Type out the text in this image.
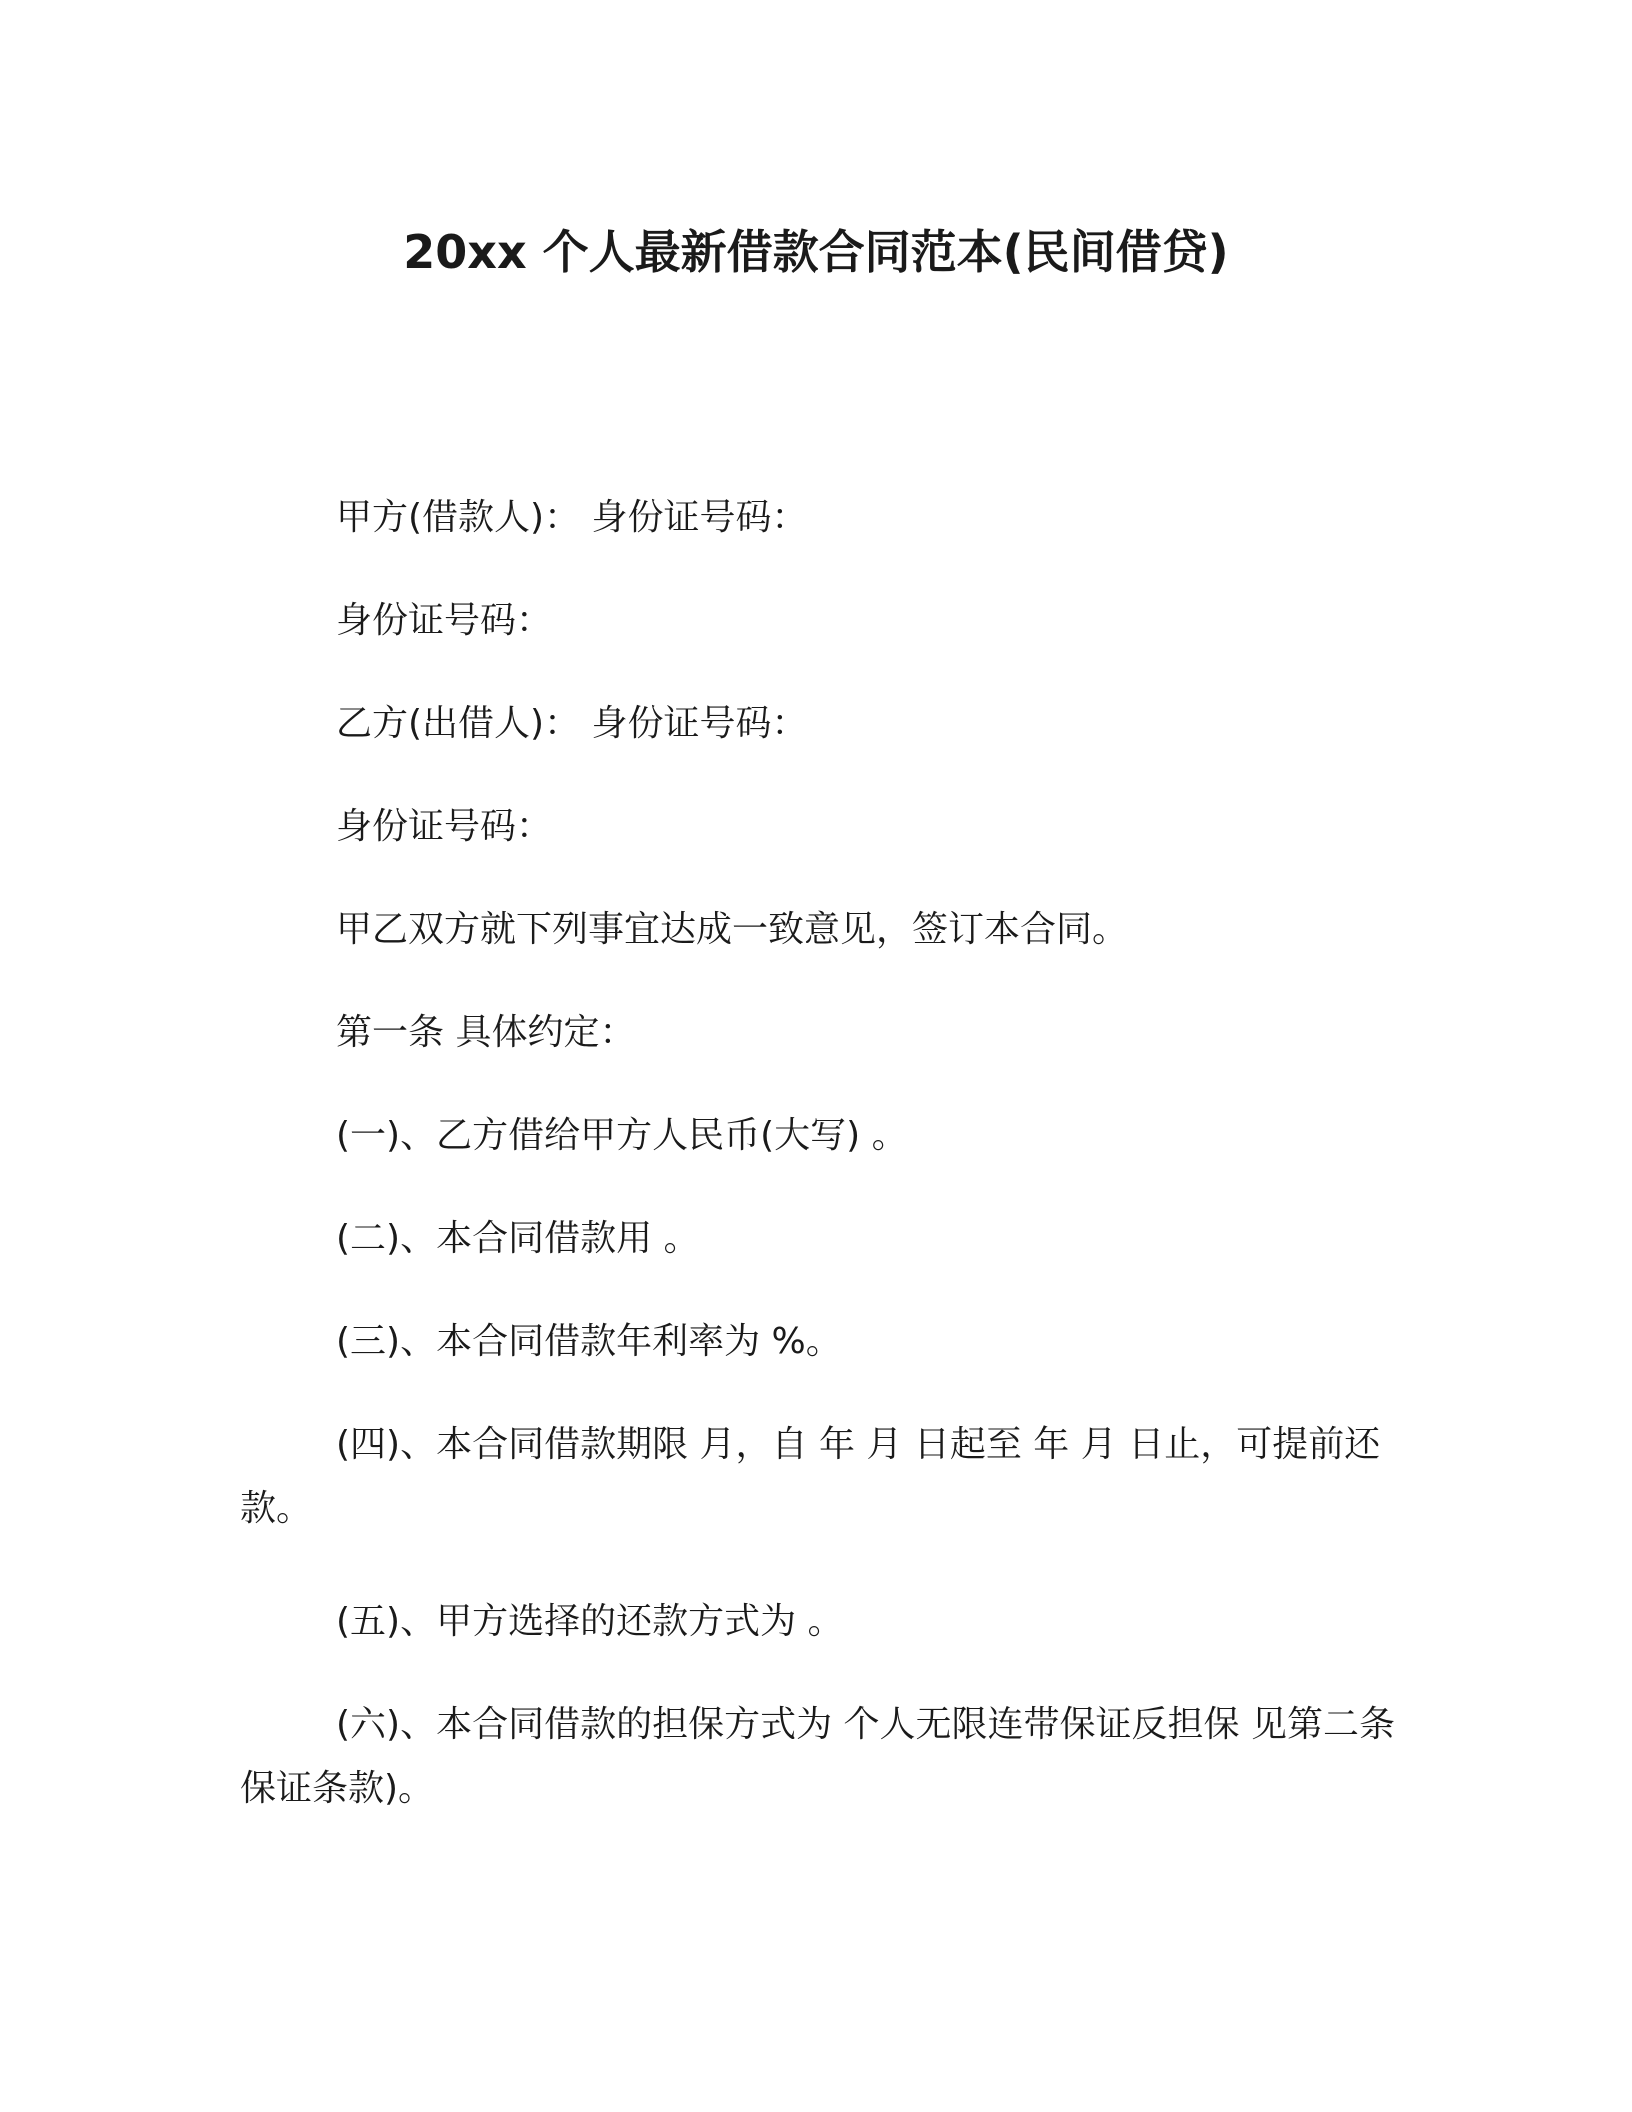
20xx 个人最新借款合同范本(民间借贷)

甲方(借款人)： 身份证号码：

身份证号码：

乙方(出借人)： 身份证号码：

身份证号码：

甲乙双方就下列事宜达成一致意见，签订本合同。

第一条 具体约定：

(一)、乙方借给甲方人民币(大写) 。

(二)、本合同借款用 。

(三)、本合同借款年利率为 %。

(四)、本合同借款期限 月，自 年 月 日起至 年 月 日止，可提前还款。

(五)、甲方选择的还款方式为 。

(六)、本合同借款的担保方式为 个人无限连带保证反担保 见第二条保证条款)。
